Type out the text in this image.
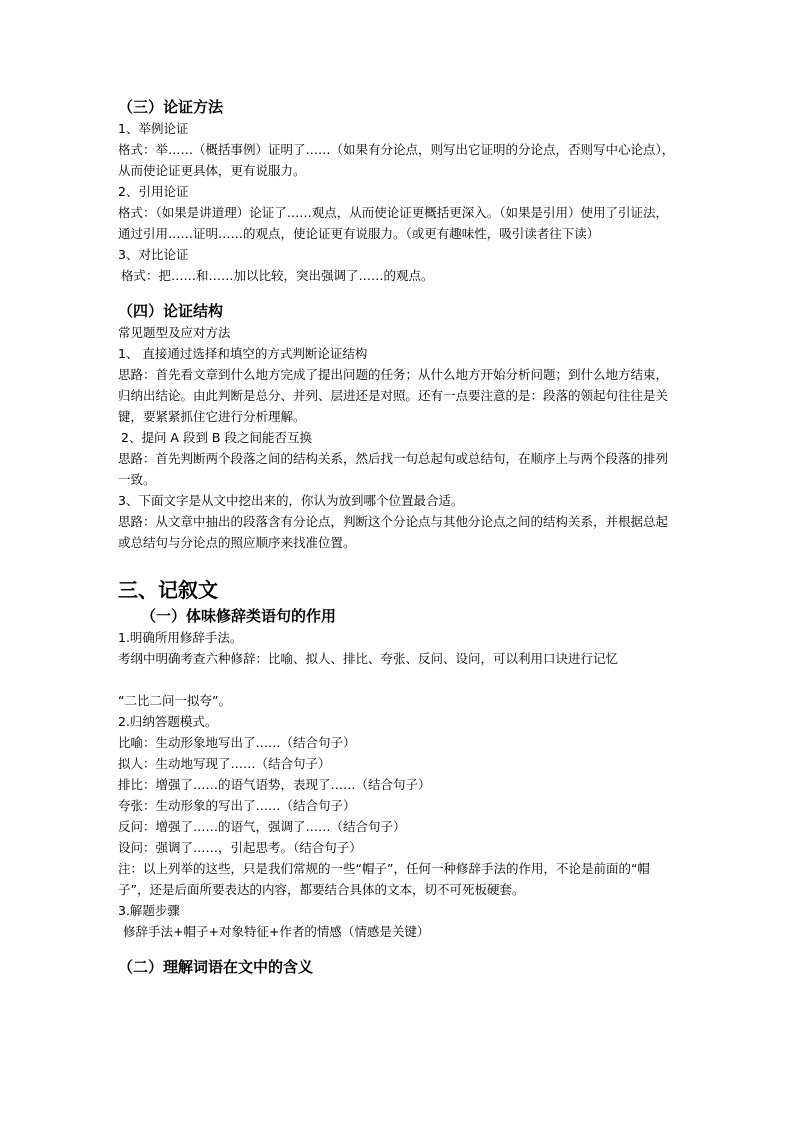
（三）论证方法

1、举例论证

格式：举……（概括事例）证明了……（如果有分论点，则写出它证明的分论点，否则写中心论点），从而使论证更具体，更有说服力。

2、引用论证

格式：（如果是讲道理）论证了……观点，从而使论证更概括更深入。（如果是引用）使用了引证法，通过引用……证明……的观点，使论证更有说服力。（或更有趣味性，吸引读者往下读）

3、对比论证

格式：把……和……加以比较，突出强调了……的观点。

（四）论证结构

常见题型及应对方法

1、 直接通过选择和填空的方式判断论证结构

思路：首先看文章到什么地方完成了提出问题的任务；从什么地方开始分析问题；到什么地方结束，归纳出结论。由此判断是总分、并列、层进还是对照。还有一点要注意的是：段落的领起句往往是关键，要紧紧抓住它进行分析理解。

2、提问 A 段到 B 段之间能否互换

思路：首先判断两个段落之间的结构关系，然后找一句总起句或总结句，在顺序上与两个段落的排列一致。

3、下面文字是从文中挖出来的，你认为放到哪个位置最合适。

思路：从文章中抽出的段落含有分论点，判断这个分论点与其他分论点之间的结构关系，并根据总起或总结句与分论点的照应顺序来找准位置。

三、记叙文

（一）体味修辞类语句的作用

1.明确所用修辞手法。

考纲中明确考查六种修辞：比喻、拟人、排比、夸张、反问、设问，可以利用口诀进行记忆

“二比二问一拟夸”。

2.归纳答题模式。

比喻：生动形象地写出了……（结合句子）

拟人：生动地写现了……（结合句子）

排比：增强了……的语气语势，表现了……（结合句子）

夸张：生动形象的写出了……（结合句子）

反问：增强了……的语气，强调了……（结合句子）

设问：强调了……，引起思考。（结合句子）

注：以上列举的这些，只是我们常规的一些“帽子”，任何一种修辞手法的作用，不论是前面的“帽子”，还是后面所要表达的内容，都要结合具体的文本，切不可死板硬套。

3.解题步骤

修辞手法+帽子+对象特征+作者的情感（情感是关键）

（二）理解词语在文中的含义
